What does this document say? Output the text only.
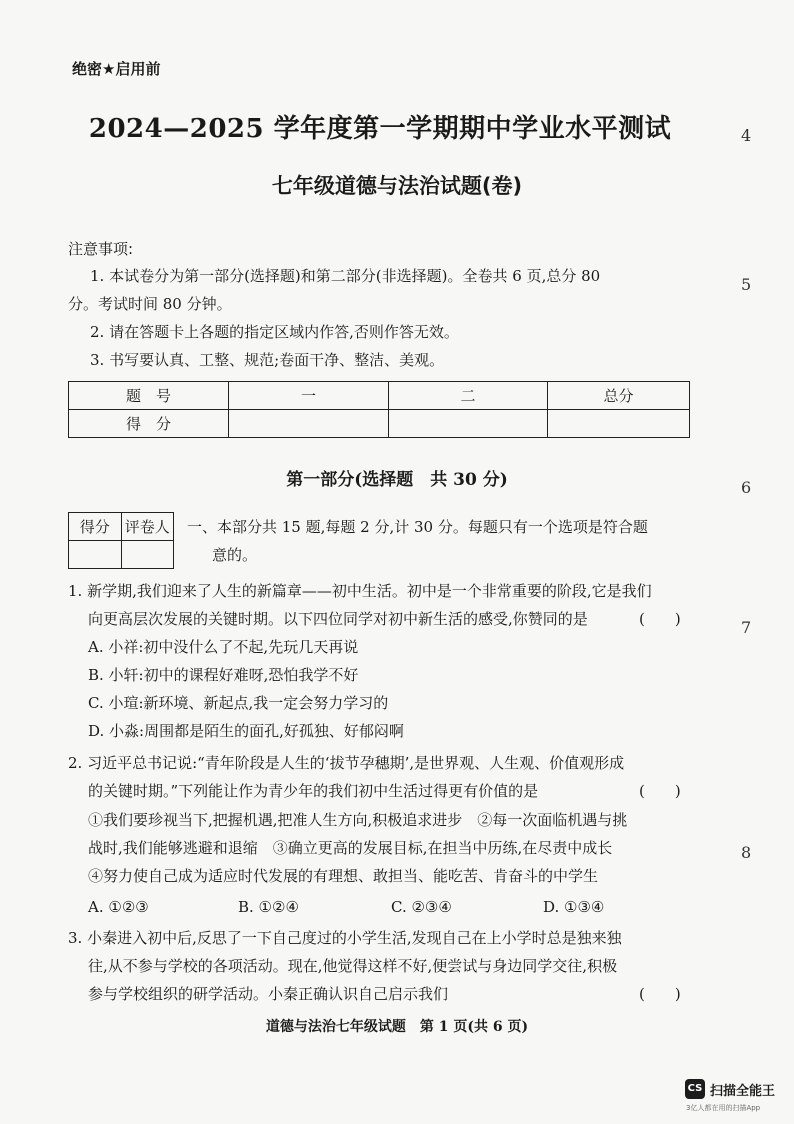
绝密★启用前
2024—2025 学年度第一学期期中学业水平测试
七年级道德与法治试题(卷)
注意事项:
1. 本试卷分为第一部分(选择题)和第二部分(非选择题)。全卷共 6 页,总分 80
分。考试时间 80 分钟。
2. 请在答题卡上各题的指定区域内作答,否则作答无效。
3. 书写要认真、工整、规范;卷面干净、整洁、美观。
题　号	一	二	总分
得　分			
第一部分(选择题　共 30 分)
得分	评卷人
	一、本部分共 15 题,每题 2 分,计 30 分。每题只有一个选项是符合题
意的。
1. 新学期,我们迎来了人生的新篇章——初中生活。初中是一个非常重要的阶段,它是我们
向更高层次发展的关键时期。以下四位同学对初中新生活的感受,你赞同的是	(　　)
A. 小祥:初中没什么了不起,先玩几天再说
B. 小轩:初中的课程好难呀,恐怕我学不好
C. 小瑄:新环境、新起点,我一定会努力学习的
D. 小淼:周围都是陌生的面孔,好孤独、好郁闷啊
2. 习近平总书记说:“青年阶段是人生的‘拔节孕穗期’,是世界观、人生观、价值观形成
的关键时期。”下列能让作为青少年的我们初中生活过得更有价值的是	(　　)
①我们要珍视当下,把握机遇,把准人生方向,积极追求进步　②每一次面临机遇与挑
战时,我们能够逃避和退缩　③确立更高的发展目标,在担当中历练,在尽责中成长
④努力使自己成为适应时代发展的有理想、敢担当、能吃苦、肯奋斗的中学生
A. ①②③	B. ①②④	C. ②③④	D. ①③④
3. 小秦进入初中后,反思了一下自己度过的小学生活,发现自己在上小学时总是独来独
往,从不参与学校的各项活动。现在,他觉得这样不好,便尝试与身边同学交往,积极
参与学校组织的研学活动。小秦正确认识自己启示我们	(　　)
道德与法治七年级试题　第 1 页(共 6 页)
4
5
6
7
8
CS 扫描全能王
3亿人都在用的扫描App
